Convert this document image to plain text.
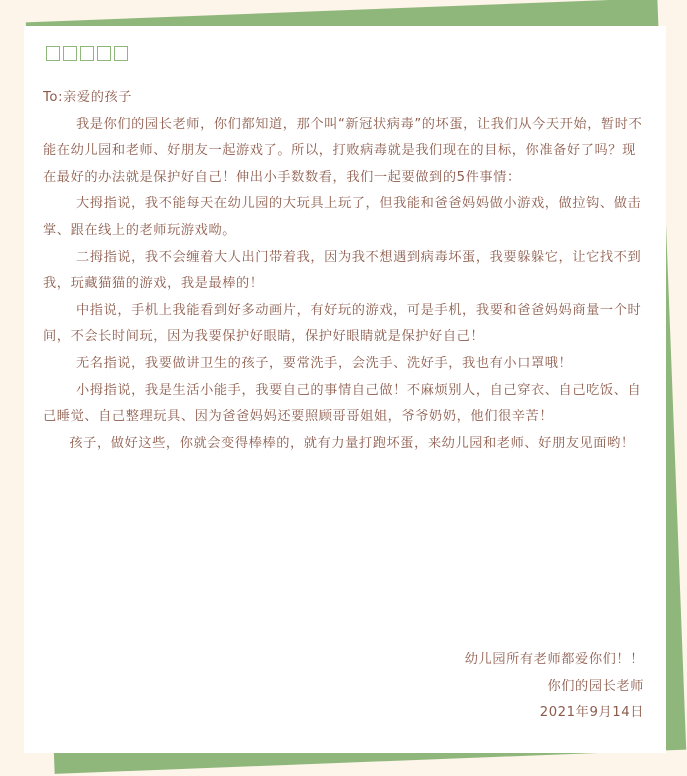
To:亲爱的孩子

我是你们的园长老师，你们都知道，那个叫“新冠状病毒”的坏蛋，让我们从今天开始，暂时不能在幼儿园和老师、好朋友一起游戏了。所以，打败病毒就是我们现在的目标，你准备好了吗？现在最好的办法就是保护好自己！伸出小手数数看，我们一起要做到的5件事情：

大拇指说，我不能每天在幼儿园的大玩具上玩了，但我能和爸爸妈妈做小游戏，做拉钩、做击掌、跟在线上的老师玩游戏呦。

二拇指说，我不会缠着大人出门带着我，因为我不想遇到病毒坏蛋，我要躲躲它，让它找不到我，玩藏猫猫的游戏，我是最棒的！

中指说，手机上我能看到好多动画片，有好玩的游戏，可是手机，我要和爸爸妈妈商量一个时间，不会长时间玩，因为我要保护好眼睛，保护好眼睛就是保护好自己！

无名指说，我要做讲卫生的孩子，要常洗手，会洗手、洗好手，我也有小口罩哦！

小拇指说，我是生活小能手，我要自己的事情自己做！不麻烦别人，自己穿衣、自己吃饭、自己睡觉、自己整理玩具、因为爸爸妈妈还要照顾哥哥姐姐，爷爷奶奶，他们很辛苦！

孩子，做好这些，你就会变得棒棒的，就有力量打跑坏蛋，来幼儿园和老师、好朋友见面哟！

幼儿园所有老师都爱你们！！

你们的园长老师

2021年9月14日
